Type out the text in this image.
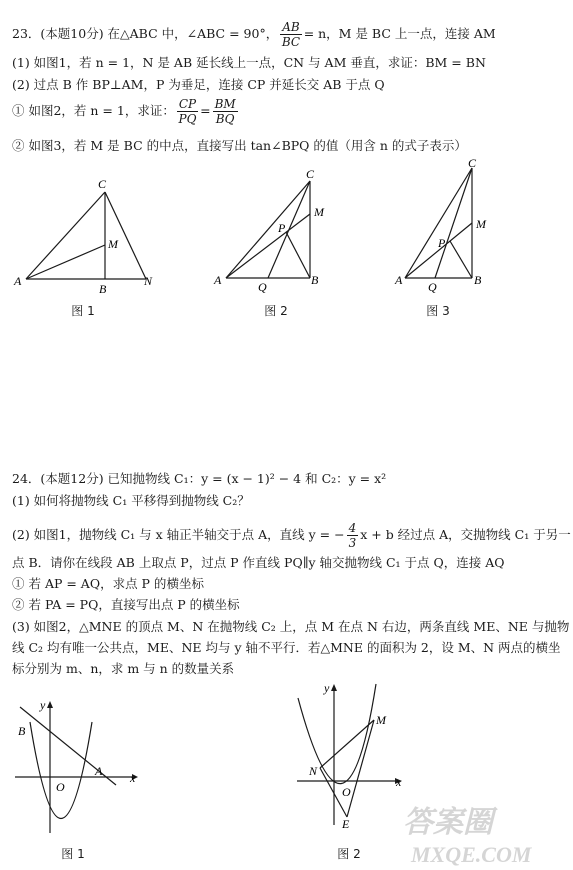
23．(本题10分) 在△ABC 中，∠ABC = 90°， $\frac{AB}{BC} = n$，M 是 BC 上一点，连接 AM
(1) 如图1，若 n = 1，N 是 AB 延长线上一点，CN 与 AM 垂直，求证：BM = BN
(2) 过点 B 作 BP⊥AM，P 为垂足，连接 CP 并延长交 AB 于点 Q
① 如图2，若 n = 1，求证： $\frac{CP}{PQ} = \frac{BM}{BQ}$
② 如图3，若 M 是 BC 的中点，直接写出 tan∠BPQ 的值（用含 n 的式子表示）
C
M
A
B
N
图 1
C
M
P
A	Q	B
图 2
C
M
P
A Q	B
图 3
24．(本题12分) 已知抛物线 C₁：y = (x − 1)² − 4 和 C₂：y = x²
(1) 如何将抛物线 C₁ 平移得到抛物线 C₂？
(2) 如图1，抛物线 C₁ 与 x 轴正半轴交于点 A，直线 y = − $\frac{4}{3}$ x + b 经过点 A，交抛物线 C₁ 于另一
点 B．请你在线段 AB 上取点 P，过点 P 作直线 PQ∥y 轴交抛物线 C₁ 于点 Q，连接 AQ
① 若 AP = AQ，求点 P 的横坐标
② 若 PA = PQ，直接写出点 P 的横坐标
(3) 如图2，△MNE 的顶点 M、N 在抛物线 C₂ 上，点 M 在点 N 右边，两条直线 ME、NE 与抛物
线 C₂ 均有唯一公共点，ME、NE 均与 y 轴不平行．若△MNE 的面积为 2，设 M、N 两点的横坐
标分别为 m、n，求 m 与 n 的数量关系
y
B
x
A
O
图 1
y
M
N
x
O
E
图 2
答案圈
MXQE.COM
